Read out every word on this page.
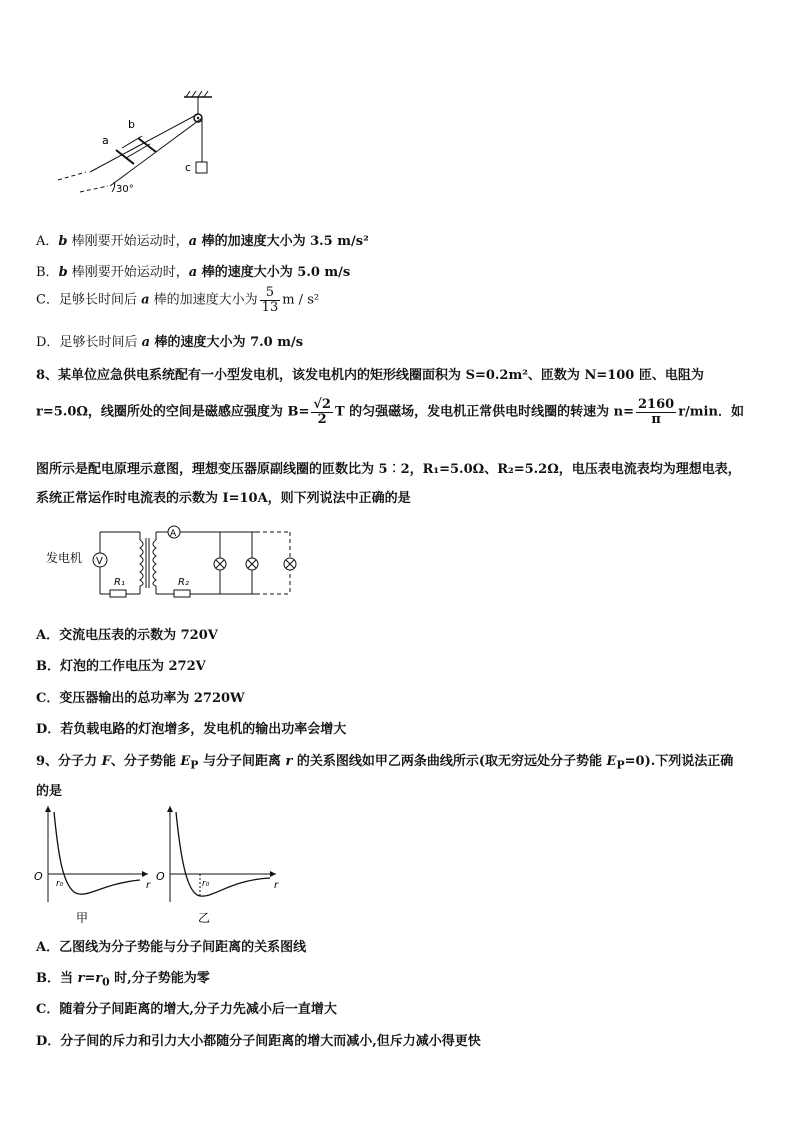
a
b
c
30°
A．b 棒刚要开始运动时，a 棒的加速度大小为 3.5 m/s²
B．b 棒刚要开始运动时，a 棒的速度大小为 5.0 m/s
C．足够长时间后 a 棒的加速度大小为 $\frac{5}{13}$ m / s²
D．足够长时间后 a 棒的速度大小为 7.0 m/s
8、某单位应急供电系统配有一小型发电机，该发电机内的矩形线圈面积为 S=0.2m²、匝数为 N=100 匝、电阻为
r=5.0Ω，线圈所处的空间是磁感应强度为 $B= \frac{√2}{2}$ T 的匀强磁场，发电机正常供电时线圈的转速为 $n= \frac{2160}{\pi} r/\min$．如
图所示是配电原理示意图，理想变压器原副线圈的匝数比为 5︰2，R₁=5.0Ω、R₂=5.2Ω，电压表电流表均为理想电表，
系统正常运作时电流表的示数为 I=10A，则下列说法中正确的是
发电机 V
R₁
A
R₂
A．交流电压表的示数为 720V
B．灯泡的工作电压为 272V
C．变压器输出的总功率为 2720W
D．若负载电路的灯泡增多，发电机的输出功率会增大
9、分子力 F、分子势能 $E_P$ 与分子间距离 r 的关系图线如甲乙两条曲线所示(取无穷远处分子势能 $E_P=0$).下列说法正确
的是
O
r
r₀
甲
O
r
r₀
乙
A．乙图线为分子势能与分子间距离的关系图线
B．当 $r=r_0$ 时,分子势能为零
C．随着分子间距离的增大,分子力先减小后一直增大
D．分子间的斥力和引力大小都随分子间距离的增大而减小,但斥力减小得更快
